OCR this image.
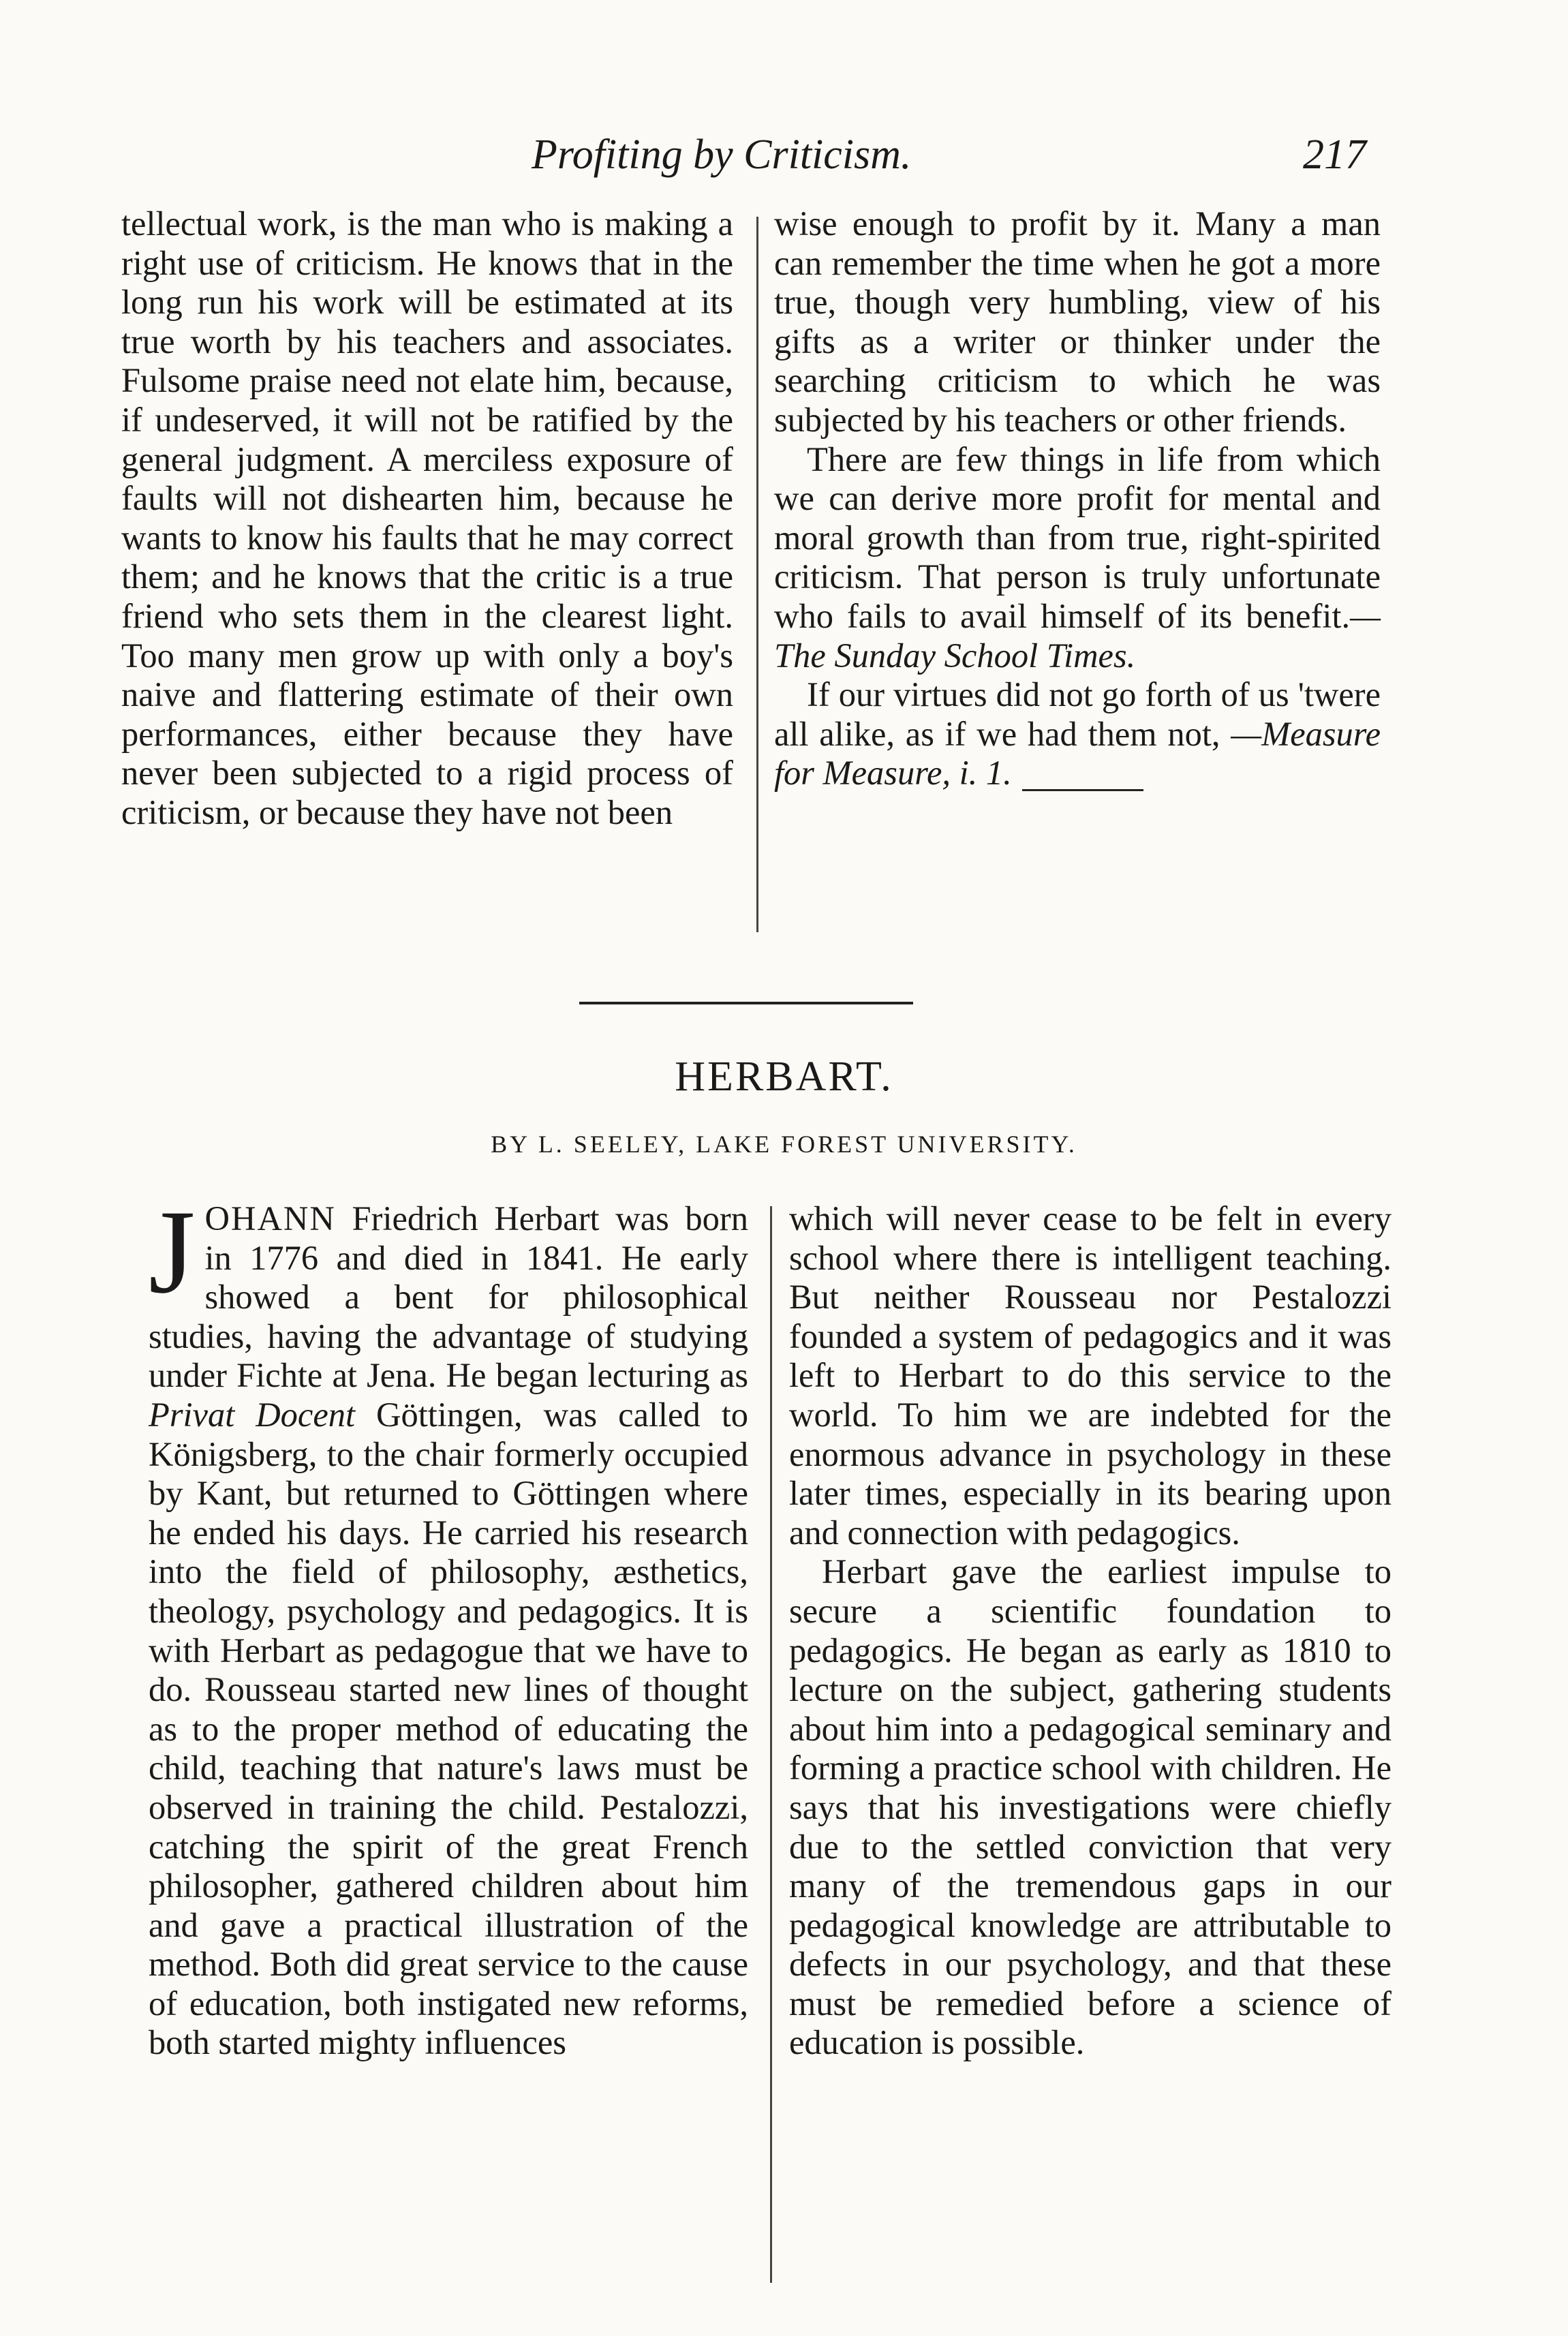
Profiting by Criticism.	217

tellectual work, is the man who is making a right use of criticism. He knows that in the long run his work will be estimated at its true worth by his teachers and associates. Fulsome praise need not elate him, because, if undeserved, it will not be ratified by the general judgment. A merciless exposure of faults will not dishearten him, because he wants to know his faults that he may correct them; and he knows that the critic is a true friend who sets them in the clearest light. Too many men grow up with only a boy's naive and flattering estimate of their own performances, either because they have never been subjected to a rigid process of criticism, or because they have not been

wise enough to profit by it. Many a man can remember the time when he got a more true, though very humbling, view of his gifts as a writer or thinker under the searching criticism to which he was subjected by his teachers or other friends.

There are few things in life from which we can derive more profit for mental and moral growth than from true, right-spirited criticism. That person is truly unfortunate who fails to avail himself of its benefit.—The Sunday School Times.

If our virtues did not go forth of us 'twere all alike, as if we had them not, —Measure for Measure, i. 1.

HERBART.
BY L. SEELEY, LAKE FOREST UNIVERSITY.

JOHANN Friedrich Herbart was born in 1776 and died in 1841. He early showed a bent for philosophical studies, having the advantage of studying under Fichte at Jena. He began lecturing as Privat Docent Göttingen, was called to Königsberg, to the chair formerly occupied by Kant, but returned to Göttingen where he ended his days. He carried his research into the field of philosophy, æsthetics, theology, psychology and pedagogics. It is with Herbart as pedagogue that we have to do. Rousseau started new lines of thought as to the proper method of educating the child, teaching that nature's laws must be observed in training the child. Pestalozzi, catching the spirit of the great French philosopher, gathered children about him and gave a practical illustration of the method. Both did great service to the cause of education, both instigated new reforms, both started mighty influences

which will never cease to be felt in every school where there is intelligent teaching. But neither Rousseau nor Pestalozzi founded a system of pedagogics and it was left to Herbart to do this service to the world. To him we are indebted for the enormous advance in psychology in these later times, especially in its bearing upon and connection with pedagogics.

Herbart gave the earliest impulse to secure a scientific foundation to pedagogics. He began as early as 1810 to lecture on the subject, gathering students about him into a pedagogical seminary and forming a practice school with children. He says that his investigations were chiefly due to the settled conviction that very many of the tremendous gaps in our pedagogical knowledge are attributable to defects in our psychology, and that these must be remedied before a science of education is possible.
